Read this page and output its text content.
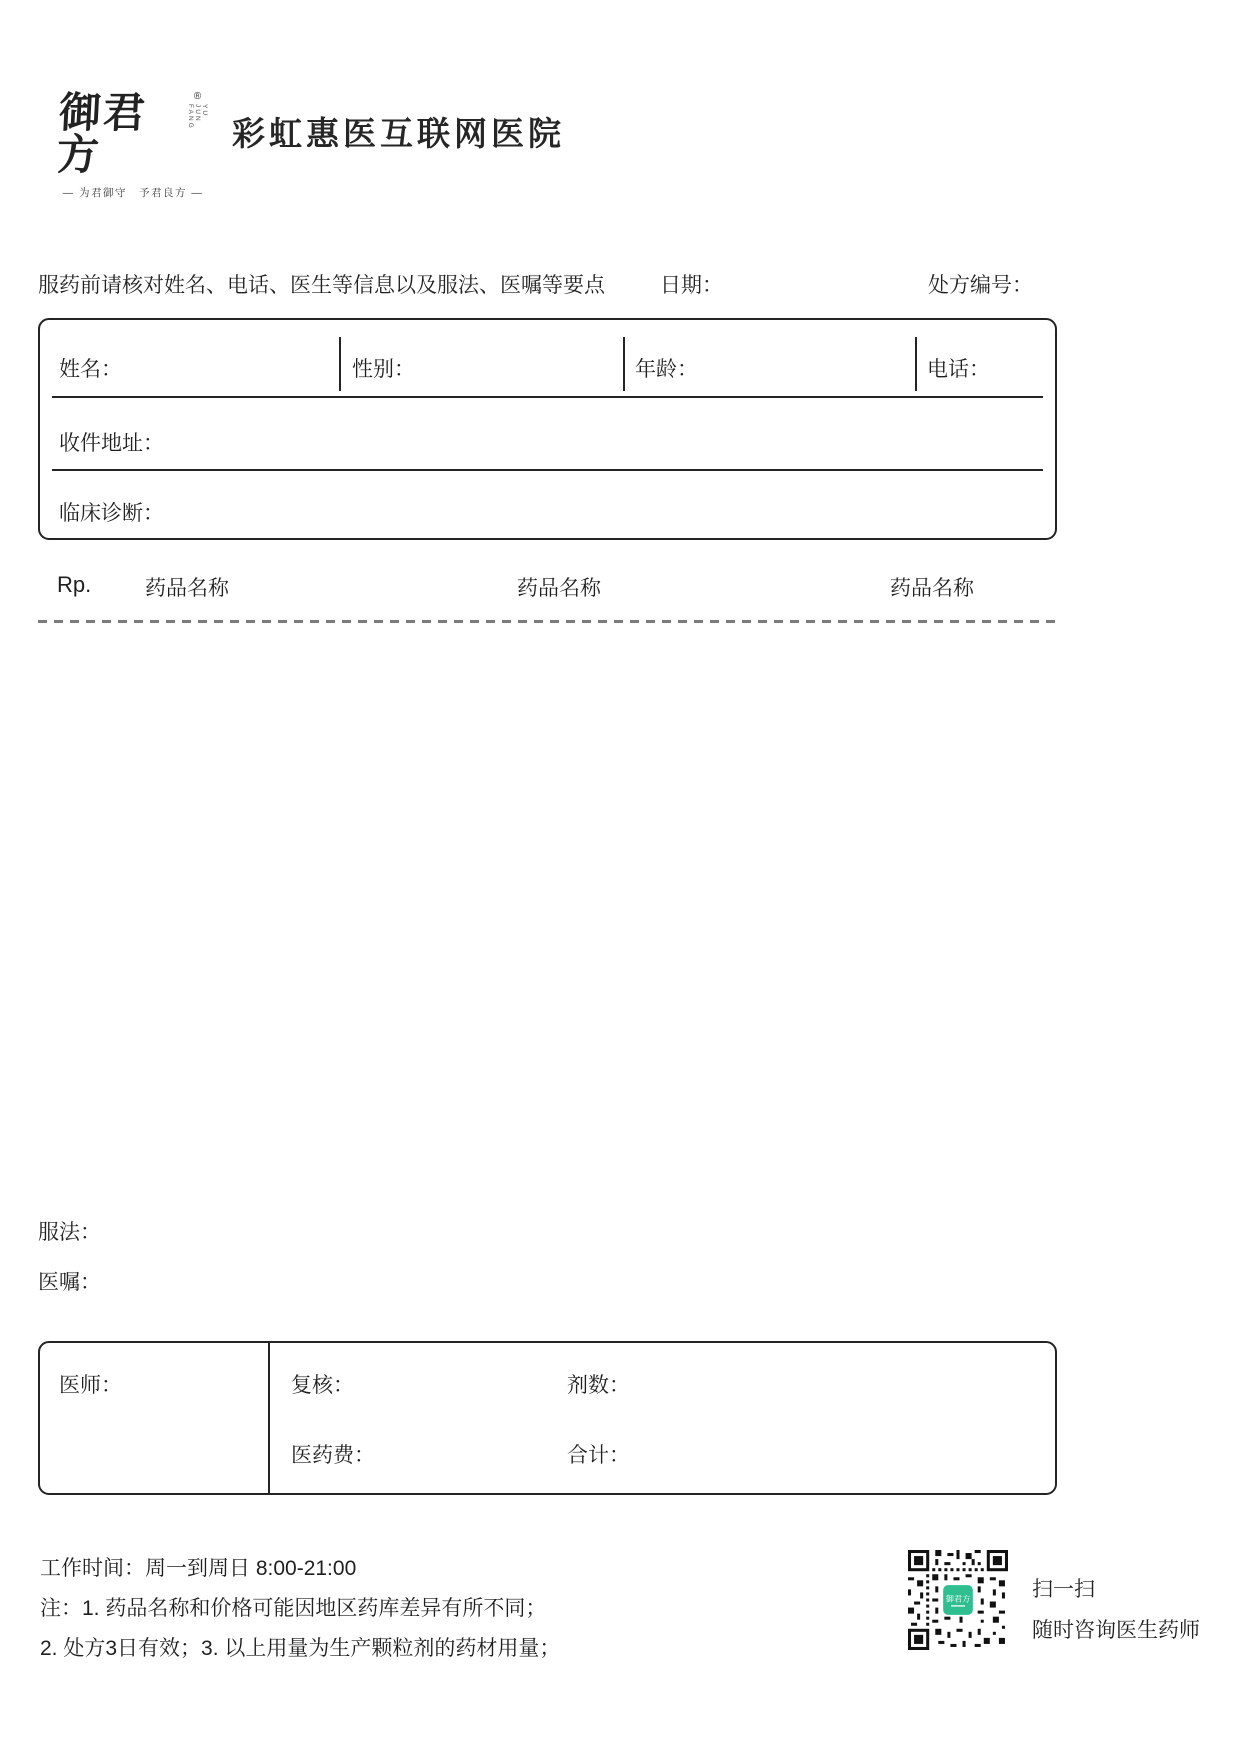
御君方
®
YU JUN FANG
— 为君御守　予君良方 —
彩虹惠医互联网医院
服药前请核对姓名、电话、医生等信息以及服法、医嘱等要点	日期：	处方编号：
姓名：	性别：	年龄：	电话：
收件地址：
临床诊断：
Rp.	药品名称	药品名称	药品名称
服法：
医嘱：
医师：	复核：	剂数：
医药费：	合计：
工作时间：周一到周日 8:00-21:00
注：1. 药品名称和价格可能因地区药库差异有所不同；
2. 处方3日有效；3. 以上用量为生产颗粒剂的药材用量；
御君方	扫一扫
随时咨询医生药师
